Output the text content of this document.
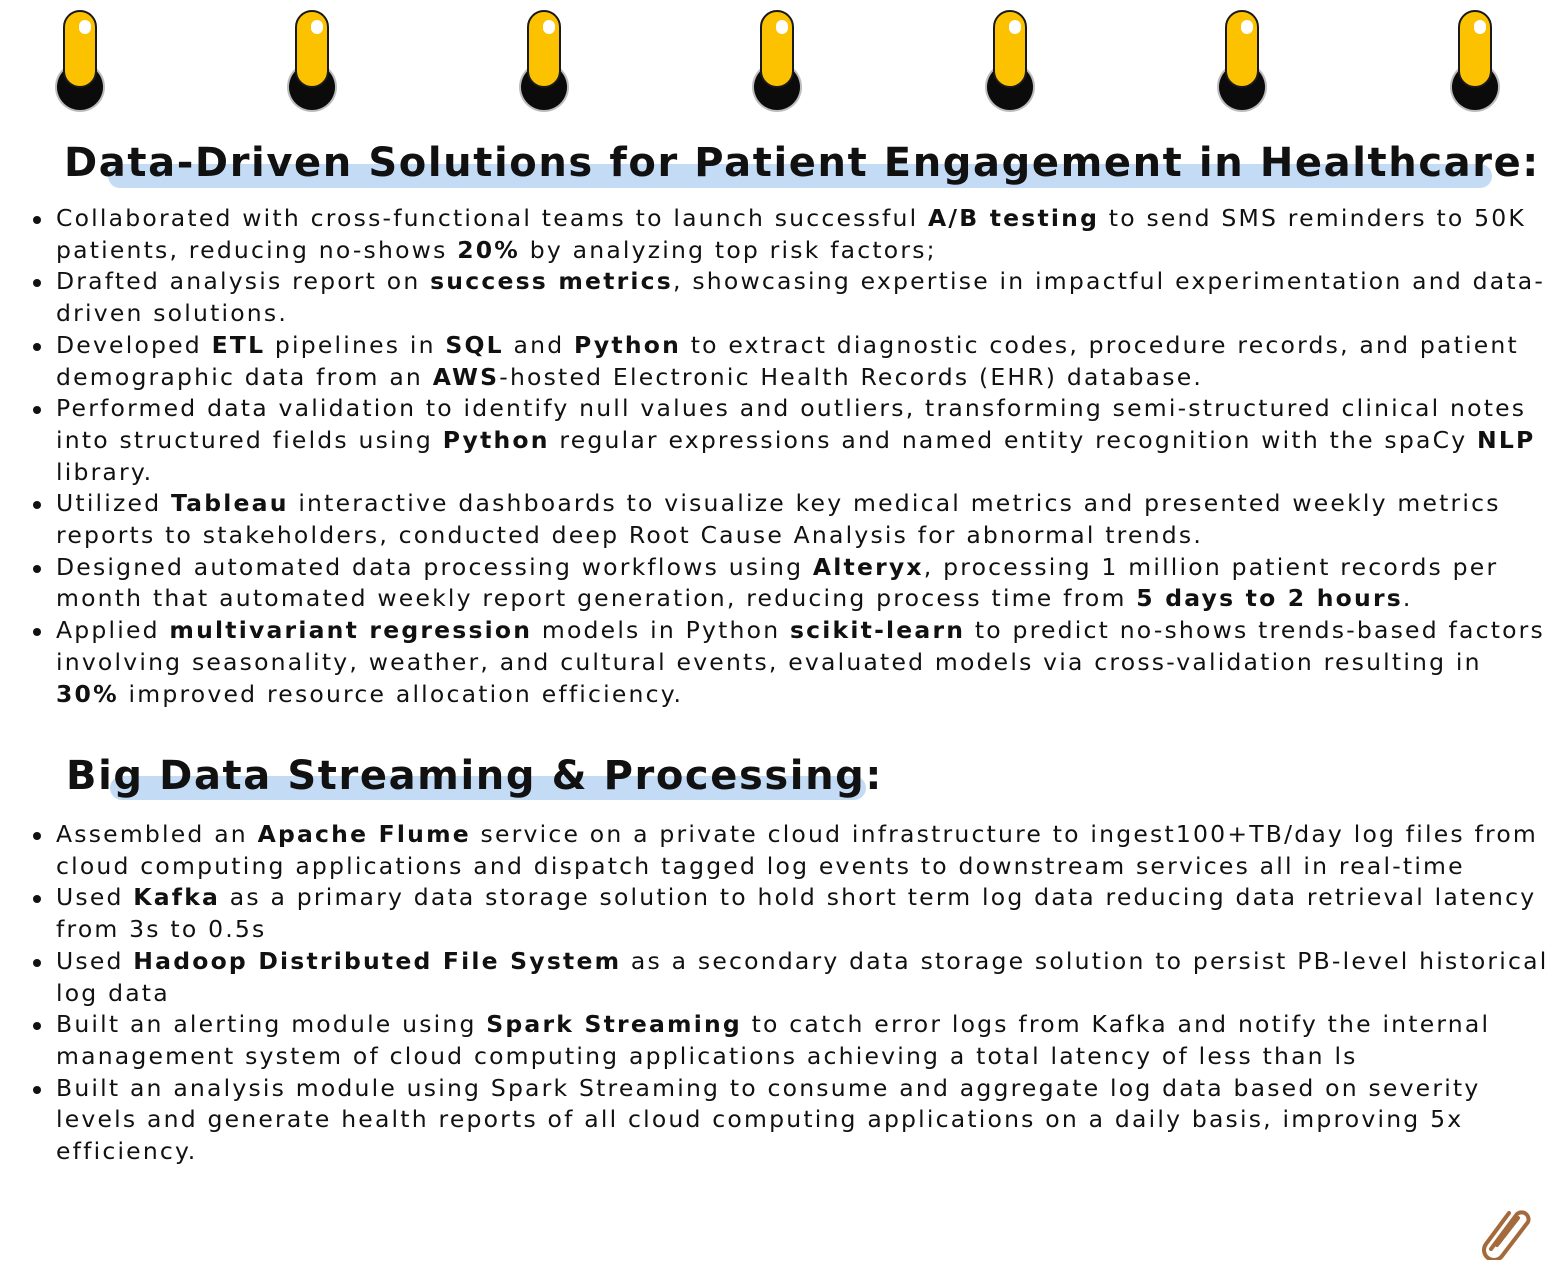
Data-Driven Solutions for Patient Engagement in Healthcare:
Collaborated with cross-functional teams to launch successful A/B testing to send SMS reminders to 50K patients, reducing no-shows 20% by analyzing top risk factors;
Drafted analysis report on success metrics, showcasing expertise in impactful experimentation and data-driven solutions.
Developed ETL pipelines in SQL and Python to extract diagnostic codes, procedure records, and patient demographic data from an AWS-hosted Electronic Health Records (EHR) database.
Performed data validation to identify null values and outliers, transforming semi-structured clinical notes into structured fields using Python regular expressions and named entity recognition with the spaCy NLP library.
Utilized Tableau interactive dashboards to visualize key medical metrics and presented weekly metrics reports to stakeholders, conducted deep Root Cause Analysis for abnormal trends.
Designed automated data processing workflows using Alteryx, processing 1 million patient records per month that automated weekly report generation, reducing process time from 5 days to 2 hours.
Applied multivariant regression models in Python scikit-learn to predict no-shows trends-based factors involving seasonality, weather, and cultural events, evaluated models via cross-validation resulting in 30% improved resource allocation efficiency.
Big Data Streaming & Processing:
Assembled an Apache Flume service on a private cloud infrastructure to ingest100+TB/day log files from cloud computing applications and dispatch tagged log events to downstream services all in real-time
Used Kafka as a primary data storage solution to hold short term log data reducing data retrieval latency from 3s to 0.5s
Used Hadoop Distributed File System as a secondary data storage solution to persist PB-level historical log data
Built an alerting module using Spark Streaming to catch error logs from Kafka and notify the internal management system of cloud computing applications achieving a total latency of less than ls
Built an analysis module using Spark Streaming to consume and aggregate log data based on severity levels and generate health reports of all cloud computing applications on a daily basis, improving 5x efficiency.
